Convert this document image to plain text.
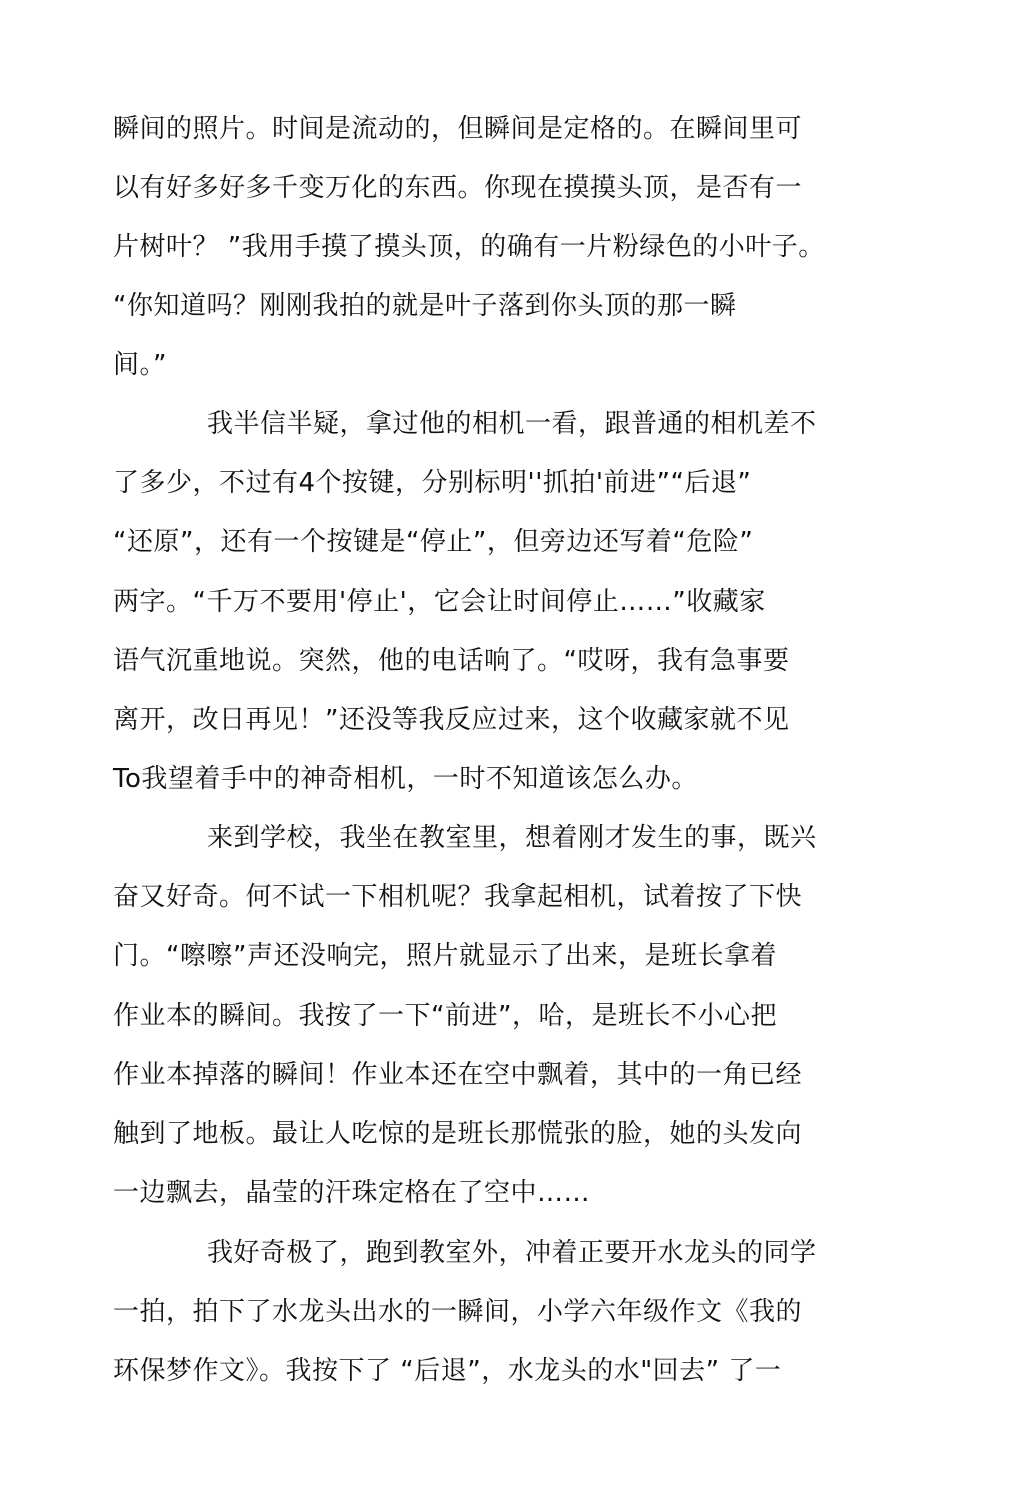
瞬间的照片。时间是流动的，但瞬间是定格的。在瞬间里可
以有好多好多千变万化的东西。你现在摸摸头顶，是否有一
片树叶？ ”我用手摸了摸头顶，的确有一片粉绿色的小叶子。
“你知道吗？刚刚我拍的就是叶子落到你头顶的那一瞬
间。”
我半信半疑，拿过他的相机一看，跟普通的相机差不
了多少，不过有4个按键，分别标明''抓拍'前进”“后退”
“还原”，还有一个按键是“停止”，但旁边还写着“危险”
两字。“千万不要用'停止'，它会让时间停止……”收藏家
语气沉重地说。突然，他的电话响了。“哎呀，我有急事要
离开，改日再见！”还没等我反应过来，这个收藏家就不见
To我望着手中的神奇相机，一时不知道该怎么办。
来到学校，我坐在教室里，想着刚才发生的事，既兴
奋又好奇。何不试一下相机呢？我拿起相机，试着按了下快
门。“嚓嚓”声还没响完，照片就显示了出来，是班长拿着
作业本的瞬间。我按了一下“前进”，哈，是班长不小心把
作业本掉落的瞬间！作业本还在空中飘着，其中的一角已经
触到了地板。最让人吃惊的是班长那慌张的脸，她的头发向
一边飘去，晶莹的汗珠定格在了空中……
我好奇极了，跑到教室外，冲着正要开水龙头的同学
一拍，拍下了水龙头出水的一瞬间，小学六年级作文《我的
环保梦作文》。我按下了 “后退”，水龙头的水"回去” 了一
